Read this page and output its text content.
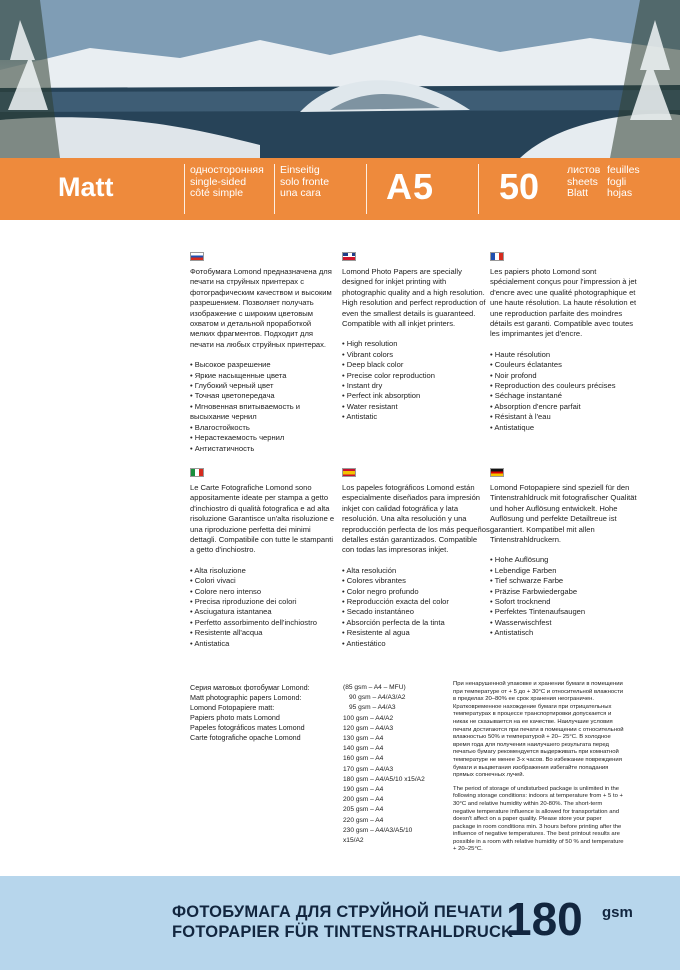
Matt
односторонняя
single-sided
côté simple
Einseitig
solo fronte
una cara A5 50	листов
sheets
Blatt
feuilles
fogli
hojas

Фотобумага Lomond предназначена для печати на струйных принтерах с фотографическим качеством и высоким разрешением. Позволяет получать изображение с широким цветовым охватом и детальной проработкой мелких фрагментов. Подходит для печати на любых струйных принтерах.

• Высокое разрешение
• Яркие насыщенные цвета
• Глубокий черный цвет
• Точная цветопередача
• Мгновенная впитываемость и высыхание чернил
• Влагостойкость
• Нерастекаемость чернил
• Антистатичность

Lomond Photo Papers are specially designed for inkjet printing with photographic quality and a high resolution. High resolution and perfect reproduction of even the smallest details is guaranteed. Compatible with all inkjet printers.

• High resolution
• Vibrant colors
• Deep black color
• Precise color reproduction
• Instant dry
• Perfect ink absorption
• Water resistant
• Antistatic

Les papiers photo Lomond sont spécialement conçus pour l'impression à jet d'encre avec une qualité photographique et une haute résolution. La haute résolution et une reproduction parfaite des moindres détails est garanti. Compatible avec toutes les imprimantes jet d'encre.

• Haute résolution
• Couleurs éclatantes
• Noir profond
• Reproduction des couleurs précises
• Séchage instantané
• Absorption d'encre parfait
• Résistant à l'eau
• Antistatique

Le Carte Fotografiche Lomond sono appositamente ideate per stampa a getto d'inchiostro di qualità fotografica e ad alta risoluzione Garantisce un'alta risoluzione e una riproduzione perfetta dei minimi dettagli. Compatibile con tutte le stampanti a getto d'inchiostro.

• Alta risoluzione
• Colori vivaci
• Colore nero intenso
• Precisa riproduzione dei colori
• Asciugatura istantanea
• Perfetto assorbimento dell'inchiostro
• Resistente all'acqua
• Antistatica

Los papeles fotográficos Lomond están especialmente diseñados para impresión inkjet con calidad fotográfica y lata resolución. Una alta resolución y una reproducción perfecta de los más pequeños detalles están garantizados. Compatible con todas las impresoras inkjet.

• Alta resolución
• Colores vibrantes
• Color negro profundo
• Reproducción exacta del color
• Secado instantáneo
• Absorción perfecta de la tinta
• Resistente al agua
• Antiestático

Lomond Fotopapiere sind speziell für den Tintenstrahldruck mit fotografischer Qualität und hoher Auflösung entwickelt. Hohe Auflösung und perfekte Detailtreue ist garantiert. Kompatibel mit allen Tintenstrahldruckern.

• Hohe Auflösung
• Lebendige Farben
• Tief schwarze Farbe
• Präzise Farbwiedergabe
• Sofort trocknend
• Perfektes Tintenaufsaugen
• Wasserwischfest
• Antistatisch
Серия матовых фотобумаг Lomond:
Matt photographic papers Lomond:
Lomond Fotopapiere matt:
Papiers photo mats Lomond
Papeles fotográficos mates Lomond
Carte fotografiche opache Lomond
(85 gsm – A4 – MFU)
90 gsm – A4/A3/A2
95 gsm – A4/A3
100 gsm – A4/A2
120 gsm – A4/A3
130 gsm – A4
140 gsm – A4
160 gsm – A4
170 gsm – A4/A3
180 gsm – A4/A5/10 x15/A2
190 gsm – A4
200 gsm – A4
205 gsm – A4
220 gsm – A4
230 gsm – A4/A3/A5/10 x15/A2

При ненарушенной упаковке и хранении бумаги в помещении при температуре от + 5 до + 30°С и относительной влажности в пределах 20–80% ее срок хранения неограничен. Кратковременное нахождение бумаги при отрицательных температурах в процессе транспортировки допускается и никак не сказывается на ее качестве. Наилучшие условия печати достигаются при печати в помещении с относительной влажностью 50% и температурой + 20– 25°С. В холодное время года для получения наилучшего результата перед печатью бумагу рекомендуется выдерживать при комнатной температуре не менее 3-х часов. Во избежание повреждения бумаги и выцветания изображения избегайте попадания прямых солнечных лучей.

The period of storage of undisturbed package is unlimited in the following storage conditions: indoors at temperature from + 5 to + 30°C and relative humidity within 20-80%. The short-term negative temperature influence is allowed for transportation and doesn't affect on a paper quality. Please store your paper package in room conditions min. 3 hours before printing after the influence of negative temperatures. The best printout results are possible in a room with relative humidity of 50 % and temperature + 20–25°C.

ФОТОБУМАГА ДЛЯ СТРУЙНОЙ ПЕЧАТИ
FOTOPAPIER FÜR TINTENSTRAHLDRUCK
180 gsm
